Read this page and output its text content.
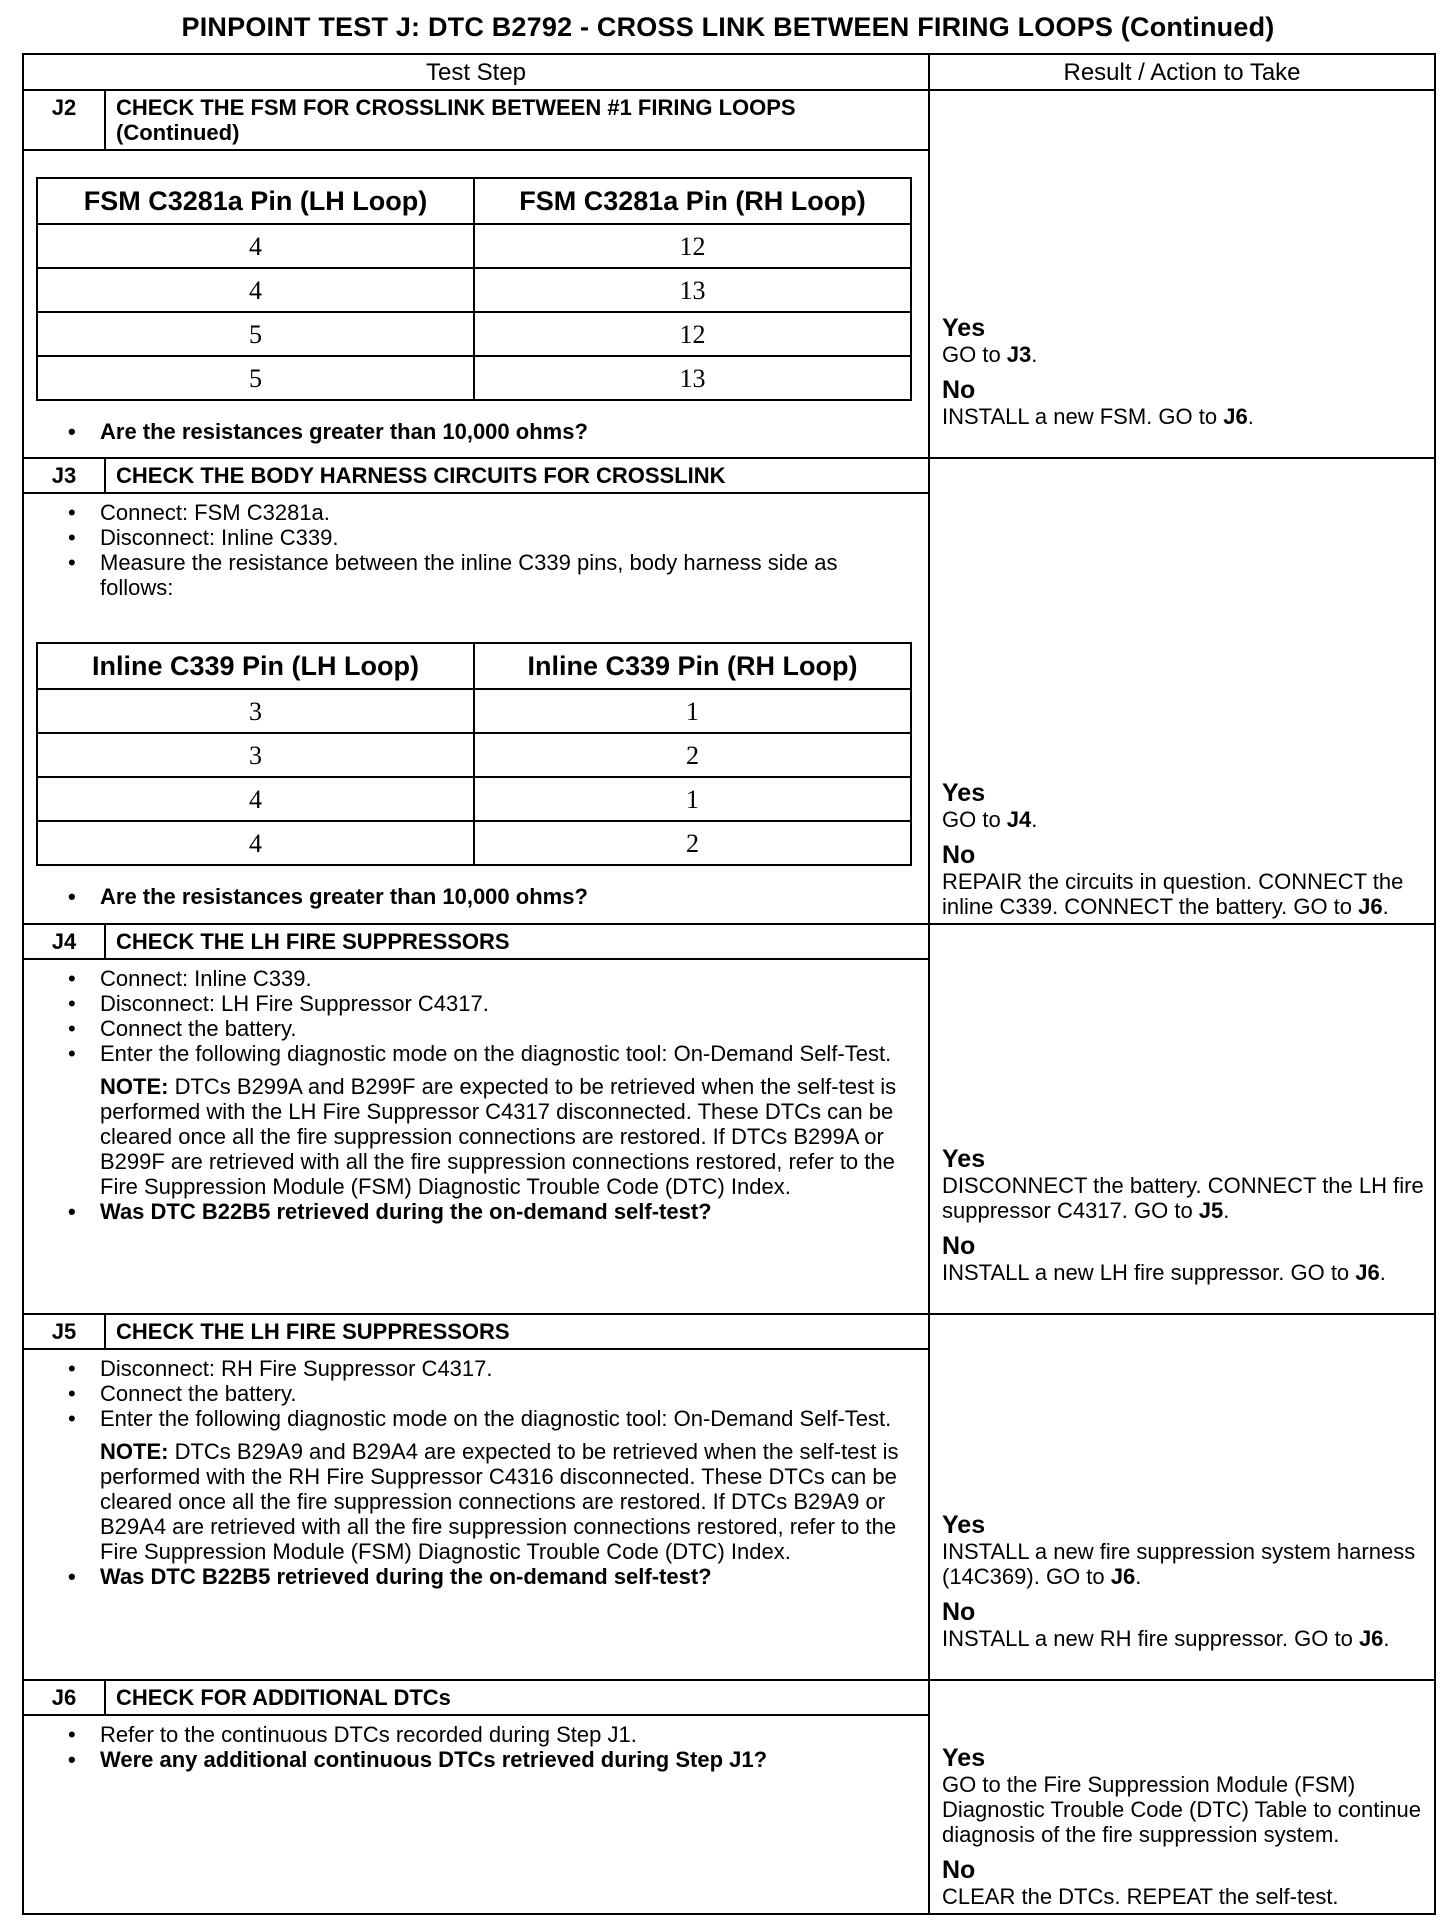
PINPOINT TEST J: DTC B2792 - CROSS LINK BETWEEN FIRING LOOPS (Continued)
Test Step	Result / Action to Take

J2	CHECK THE FSM FOR CROSSLINK BETWEEN #1 FIRING LOOPS (Continued)
FSM C3281a Pin (LH Loop)	FSM C3281a Pin (RH Loop)
4	12
4	13
5	12
5	13
• Are the resistances greater than 10,000 ohms?

Yes
GO to J3.
No
INSTALL a new FSM. GO to J6.

J3	CHECK THE BODY HARNESS CIRCUITS FOR CROSSLINK
• Connect: FSM C3281a.
• Disconnect: Inline C339.
• Measure the resistance between the inline C339 pins, body harness side as follows:
Inline C339 Pin (LH Loop)	Inline C339 Pin (RH Loop)
3	1
3	2
4	1
4	2
• Are the resistances greater than 10,000 ohms?

Yes
GO to J4.
No
REPAIR the circuits in question. CONNECT the inline C339. CONNECT the battery. GO to J6.

J4	CHECK THE LH FIRE SUPPRESSORS
• Connect: Inline C339.
• Disconnect: LH Fire Suppressor C4317.
• Connect the battery.
• Enter the following diagnostic mode on the diagnostic tool: On-Demand Self-Test.
NOTE: DTCs B299A and B299F are expected to be retrieved when the self-test is performed with the LH Fire Suppressor C4317 disconnected. These DTCs can be cleared once all the fire suppression connections are restored. If DTCs B299A or B299F are retrieved with all the fire suppression connections restored, refer to the Fire Suppression Module (FSM) Diagnostic Trouble Code (DTC) Index.
• Was DTC B22B5 retrieved during the on-demand self-test?

Yes
DISCONNECT the battery. CONNECT the LH fire suppressor C4317. GO to J5.
No
INSTALL a new LH fire suppressor. GO to J6.

J5	CHECK THE LH FIRE SUPPRESSORS
• Disconnect: RH Fire Suppressor C4317.
• Connect the battery.
• Enter the following diagnostic mode on the diagnostic tool: On-Demand Self-Test.
NOTE: DTCs B29A9 and B29A4 are expected to be retrieved when the self-test is performed with the RH Fire Suppressor C4316 disconnected. These DTCs can be cleared once all the fire suppression connections are restored. If DTCs B29A9 or B29A4 are retrieved with all the fire suppression connections restored, refer to the Fire Suppression Module (FSM) Diagnostic Trouble Code (DTC) Index.
• Was DTC B22B5 retrieved during the on-demand self-test?

Yes
INSTALL a new fire suppression system harness (14C369). GO to J6.
No
INSTALL a new RH fire suppressor. GO to J6.

J6	CHECK FOR ADDITIONAL DTCs
• Refer to the continuous DTCs recorded during Step J1.
• Were any additional continuous DTCs retrieved during Step J1?	Yes
GO to the Fire Suppression Module (FSM) Diagnostic Trouble Code (DTC) Table to continue diagnosis of the fire suppression system.
No
CLEAR the DTCs. REPEAT the self-test.
